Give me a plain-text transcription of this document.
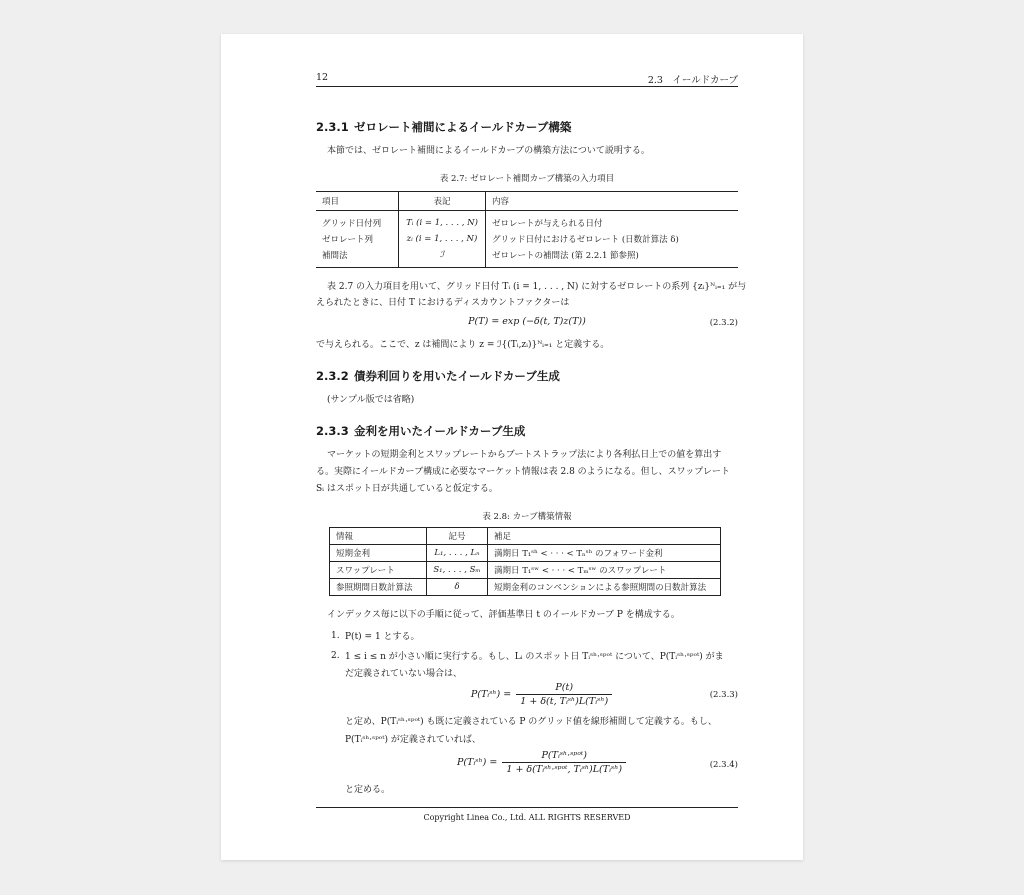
12	2.3　イールドカーブ
2.3.1 ゼロレート補間によるイールドカーブ構築
本節では、ゼロレート補間によるイールドカーブの構築方法について説明する。
表 2.7: ゼロレート補間カーブ構築の入力項目
項目	表記	内容
グリッド日付列	Tᵢ (i = 1, . . . , N)	ゼロレートが与えられる日付
ゼロレート列	zᵢ (i = 1, . . . , N)	グリッド日付におけるゼロレート (日数計算法 δ)
補間法	ℐ	ゼロレートの補間法 (第 2.2.1 節参照)
表 2.7 の入力項目を用いて、グリッド日付 Tᵢ (i = 1, . . . , N) に対するゼロレートの系列 {zᵢ}ᴺᵢ₌₁ が与
えられたときに、日付 T におけるディスカウントファクターは
P(T) = exp (−δ(t, T)z(T))	(2.3.2)
で与えられる。ここで、z は補間により z = ℐ{(Tᵢ,zᵢ)}ᴺᵢ₌₁ と定義する。
2.3.2 債券利回りを用いたイールドカーブ生成
(サンプル版では省略)
2.3.3 金利を用いたイールドカーブ生成
マーケットの短期金利とスワップレートからブートストラップ法により各利払日上での値を算出す
る。実際にイールドカーブ構成に必要なマーケット情報は表 2.8 のようになる。但し、スワップレート
Sᵢ はスポット日が共通していると仮定する。
表 2.8: カーブ構築情報
情報	記号	補足
短期金利	L₁, . . . , Lₙ	満期日 T₁ˢʰ < · · · < Tₙˢʰ のフォワード金利
スワップレート	S₁, . . . , Sₘ	満期日 T₁ˢʷ < · · · < Tₘˢʷ のスワップレート
参照期間日数計算法	δ	短期金利のコンベンションによる参照期間の日数計算法
インデックス毎に以下の手順に従って、評価基準日 t のイールドカーブ P を構成する。
1. P(t) = 1 とする。
2. 1 ≤ i ≤ n が小さい順に実行する。もし、Lᵢ のスポット日 Tᵢˢʰ·ˢᵖᵒᵗ について、P(Tᵢˢʰ·ˢᵖᵒᵗ) がま
だ定義されていない場合は、
P(Tᵢˢʰ) = $\frac{P(t)}{\text{1 + δ(t, Tᵢˢʰ)L(Tᵢˢʰ)}}$	(2.3.3)
と定め、P(Tᵢˢʰ·ˢᵖᵒᵗ) も既に定義されている P のグリッド値を線形補間して定義する。もし、
P(Tᵢˢʰ·ˢᵖᵒᵗ) が定義されていれば、
P(Tᵢˢʰ) = $\frac{\text{P(Tᵢˢʰ·ˢᵖᵒᵗ)}}{\text{1 + δ(Tᵢˢʰ·ˢᵖᵒᵗ, Tᵢˢʰ)L(Tᵢˢʰ)}}$	(2.3.4)
と定める。
Copyright Linea Co., Ltd. ALL RIGHTS RESERVED
